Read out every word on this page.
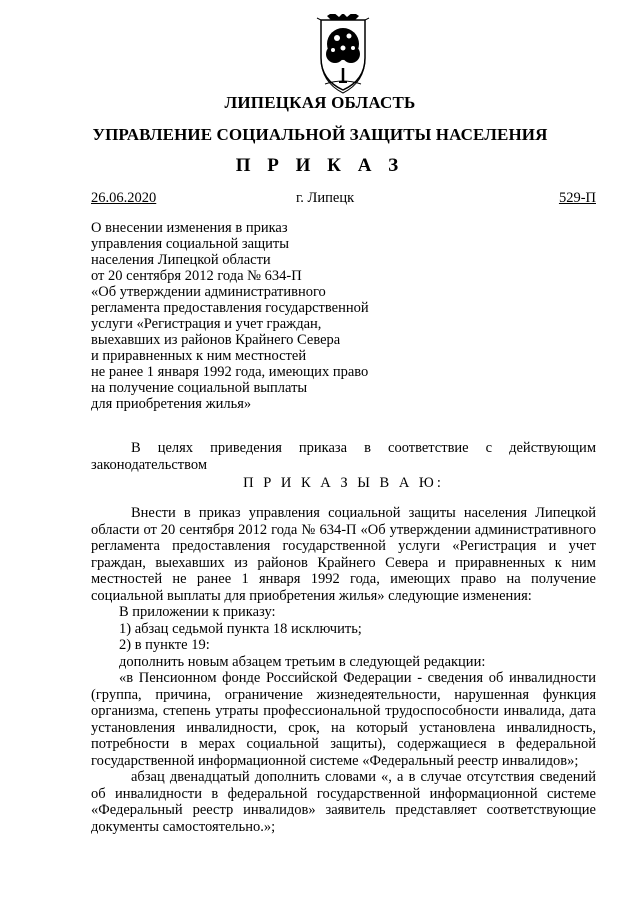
ЛИПЕЦКАЯ ОБЛАСТЬ
УПРАВЛЕНИЕ СОЦИАЛЬНОЙ ЗАЩИТЫ НАСЕЛЕНИЯ
П Р И К А З
26.06.2020	г. Липецк	529-П
О внесении изменения в приказ
управления социальной защиты
населения Липецкой области
от 20 сентября 2012 года № 634-П
«Об утверждении административного
регламента предоставления государственной
услуги «Регистрация и учет граждан,
выехавших из районов Крайнего Севера
и приравненных к ним местностей
не ранее 1 января 1992 года, имеющих право
на получение социальной выплаты
для приобретения жилья»

В целях приведения приказа в соответствие с действующим законодательством

П Р И К А З Ы В А Ю:

Внести в приказ управления социальной защиты населения Липецкой области от 20 сентября 2012 года № 634-П «Об утверждении административного регламента предоставления государственной услуги «Регистрация и учет граждан, выехавших из районов Крайнего Севера и приравненных к ним местностей не ранее 1 января 1992 года, имеющих право на получение социальной выплаты для приобретения жилья» следующие изменения:

В приложении к приказу:

1) абзац седьмой пункта 18 исключить;

2) в пункте 19:

дополнить новым абзацем третьим в следующей редакции:

«в Пенсионном фонде Российской Федерации - сведения об инвалидности (группа, причина, ограничение жизнедеятельности, нарушенная функция организма, степень утраты профессиональной трудоспособности инвалида, дата установления инвалидности, срок, на который установлена инвалидность, потребности в мерах социальной защиты), содержащиеся в федеральной государственной информационной системе «Федеральный реестр инвалидов»;

абзац двенадцатый дополнить словами «, а в случае отсутствия сведений об инвалидности в федеральной государственной информационной системе «Федеральный реестр инвалидов» заявитель представляет соответствующие документы самостоятельно.»;
